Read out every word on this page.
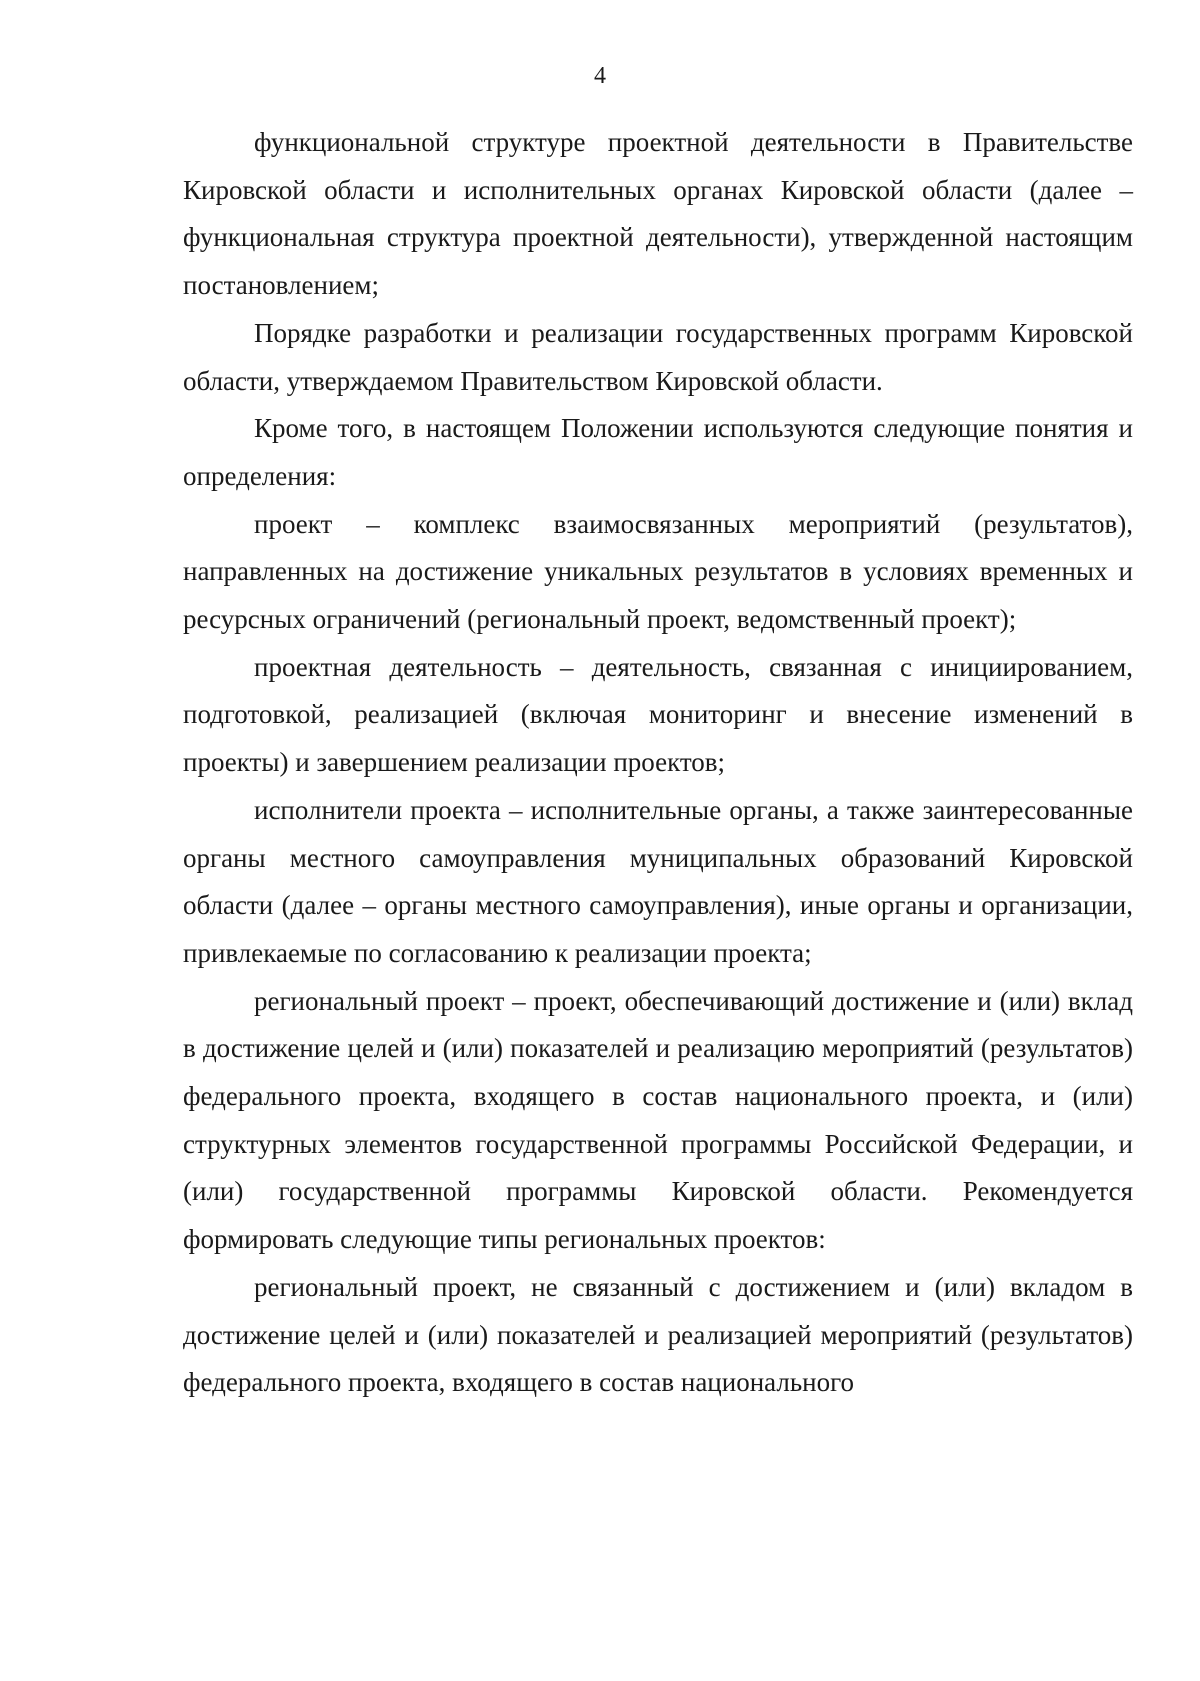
4

функциональной структуре проектной деятельности в Правительстве Кировской области и исполнительных органах Кировской области (далее – функциональная структура проектной деятельности), утвержденной настоящим постановлением;

Порядке разработки и реализации государственных программ Кировской области, утверждаемом Правительством Кировской области.

Кроме того, в настоящем Положении используются следующие понятия и определения:

проект – комплекс взаимосвязанных мероприятий (результатов), направленных на достижение уникальных результатов в условиях временных и ресурсных ограничений (региональный проект, ведомственный проект);

проектная деятельность – деятельность, связанная с инициированием, подготовкой, реализацией (включая мониторинг и внесение изменений в проекты) и завершением реализации проектов;

исполнители проекта – исполнительные органы, а также заинтересованные органы местного самоуправления муниципальных образований Кировской области (далее – органы местного самоуправления), иные органы и организации, привлекаемые по согласованию к реализации проекта;

региональный проект – проект, обеспечивающий достижение и (или) вклад в достижение целей и (или) показателей и реализацию мероприятий (результатов) федерального проекта, входящего в состав национального проекта, и (или) структурных элементов государственной программы Российской Федерации, и (или) государственной программы Кировской области. Рекомендуется формировать следующие типы региональных проектов:

региональный проект, не связанный с достижением и (или) вкладом в достижение целей и (или) показателей и реализацией мероприятий (результатов) федерального проекта, входящего в состав национального
